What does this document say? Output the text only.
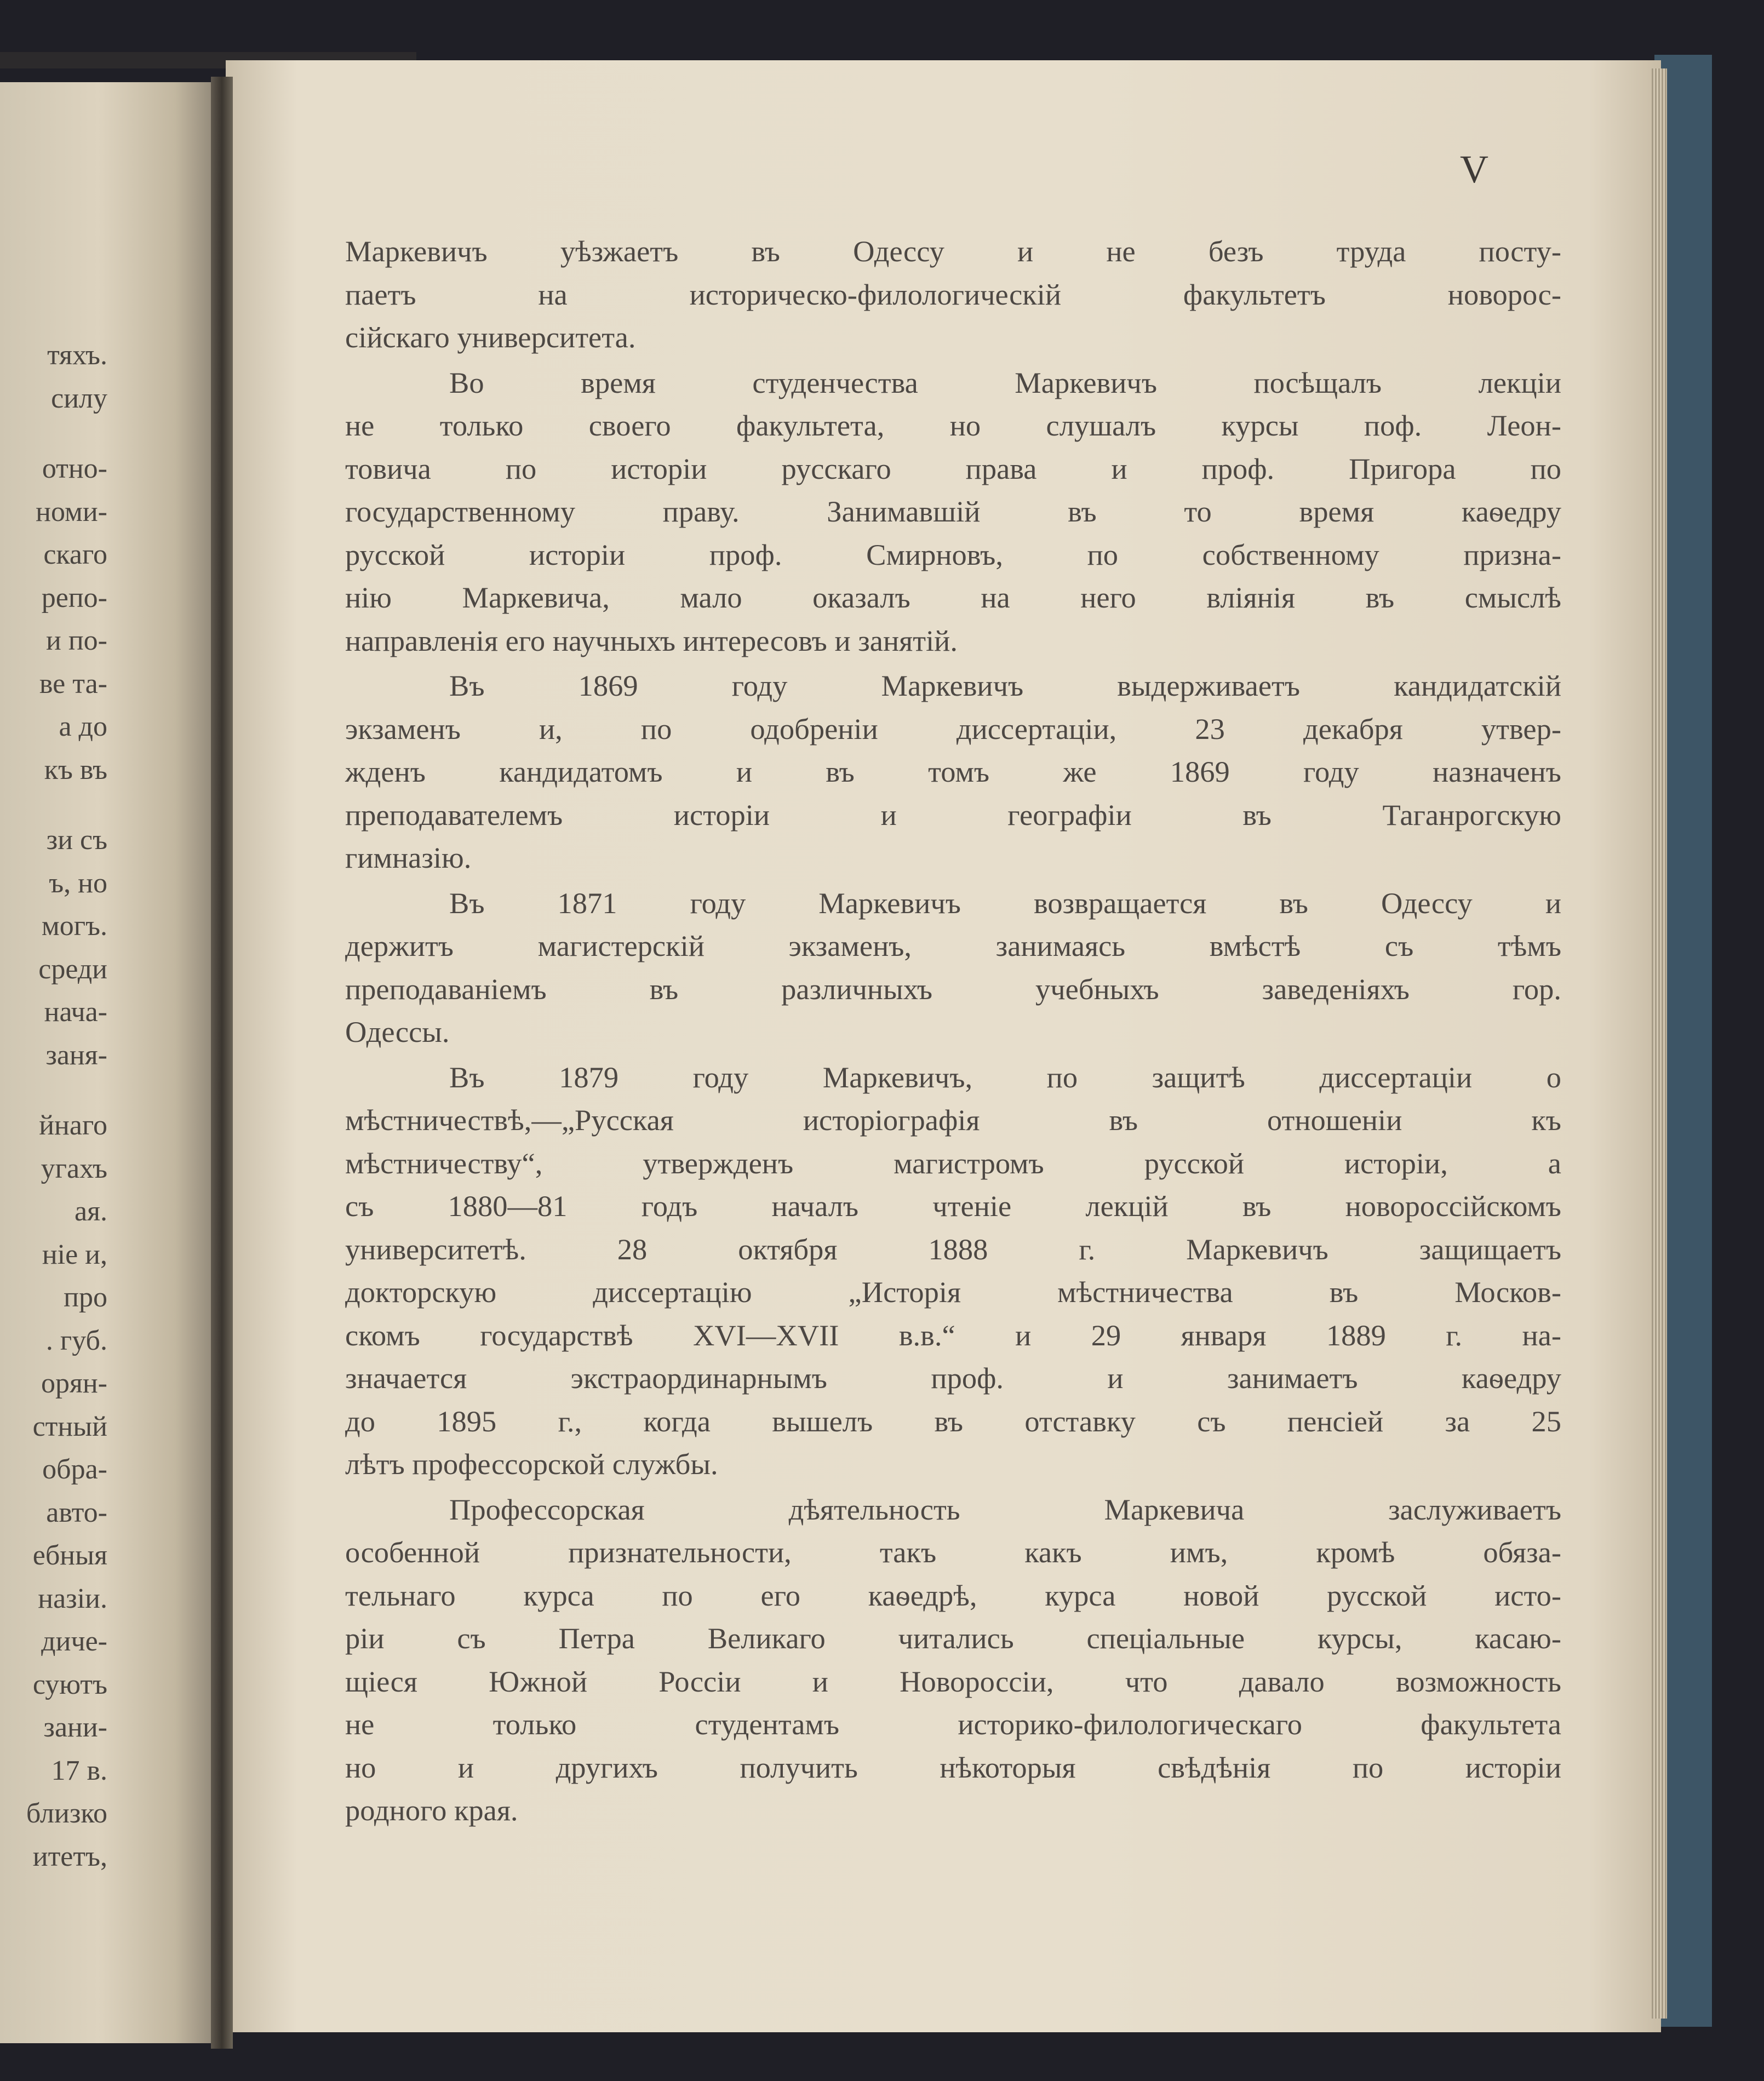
тяхъ.
силу
отно-
номи-
скаго
репо-
и по-
ве та-
а до
къ въ
зи съ
ъ, но
могъ.
среди
нача-
заня-
йнаго
угахъ
ая.
ніе и,
про
. губ.
орян-
стный
обра-
авто-
ебныя
назіи.
дичe-
суютъ
зани-
17 в.
близко
итетъ,
V
Маркевичъ уѣзжаетъ въ Одессу и не безъ труда посту-
паетъ на историческо-филологическій факультетъ новорос-
сійскаго университета.
Во время студенчества Маркевичъ посѣщалъ лекціи
не только своего факультета, но слушалъ курсы поф. Леон-
товича по исторіи русскаго права и проф. Пригора по
государственному праву. Занимавшій въ то время каѳедру
русской исторіи проф. Смирновъ, по собственному призна-
нію Маркевича, мало оказалъ на него вліянія въ смыслѣ
направленія его научныхъ интересовъ и занятій.
Въ 1869 году Маркевичъ выдерживаетъ кандидатскій
экзаменъ и, по одобреніи диссертаціи, 23 декабря утвер-
жденъ кандидатомъ и въ томъ же 1869 году назначенъ
преподавателемъ исторіи и географіи въ Таганрогскую
гимназію.
Въ 1871 году Маркевичъ возвращается въ Одессу и
держитъ магистерскій экзаменъ, занимаясь вмѣстѣ съ тѣмъ
преподаваніемъ въ различныхъ учебныхъ заведеніяхъ гор.
Одессы.
Въ 1879 году Маркевичъ, по защитѣ диссертаціи о
мѣстничествѣ,—„Русская исторіографія въ отношеніи къ
мѣстничеству“, утвержденъ магистромъ русской исторіи, а
съ 1880—81 годъ началъ чтеніе лекцій въ новороссійскомъ
университетѣ. 28 октября 1888 г. Маркевичъ защищаетъ
докторскую диссертацію „Исторія мѣстничества въ Москов-
скомъ государствѣ XVI—XVII в.в.“ и 29 января 1889 г. на-
значается экстраординарнымъ проф. и занимаетъ каѳедру
до 1895 г., когда вышелъ въ отставку съ пенсіей за 25
лѣтъ профессорской службы.
Профессорская дѣятельность Маркевича заслуживаетъ
особенной признательности, такъ какъ имъ, кромѣ обяза-
тельнаго курса по его каѳедрѣ, курса новой русской исто-
ріи съ Петра Великаго читались спеціальные курсы, касаю-
щіеся Южной Россіи и Новороссіи, что давало возможность
не только студентамъ историко-филологическаго факультета
но и другихъ получить нѣкоторыя свѣдѣнія по исторіи
родного края.
